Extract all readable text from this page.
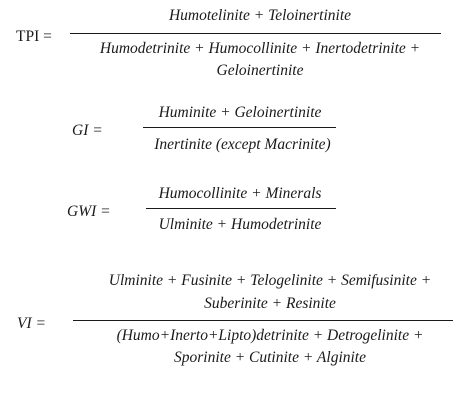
TPI =
Humotelinite + Teloinertinite
Humodetrinite + Humocollinite + Inertodetrinite +
Geloinertinite
GI =
Huminite + Geloinertinite
Inertinite (except Macrinite)
GWI =
Humocollinite + Minerals
Ulminite + Humodetrinite
VI =
Ulminite + Fusinite + Telogelinite + Semifusinite +
Suberinite + Resinite
(Humo+Inerto+Lipto)detrinite + Detrogelinite +
Sporinite + Cutinite + Alginite
